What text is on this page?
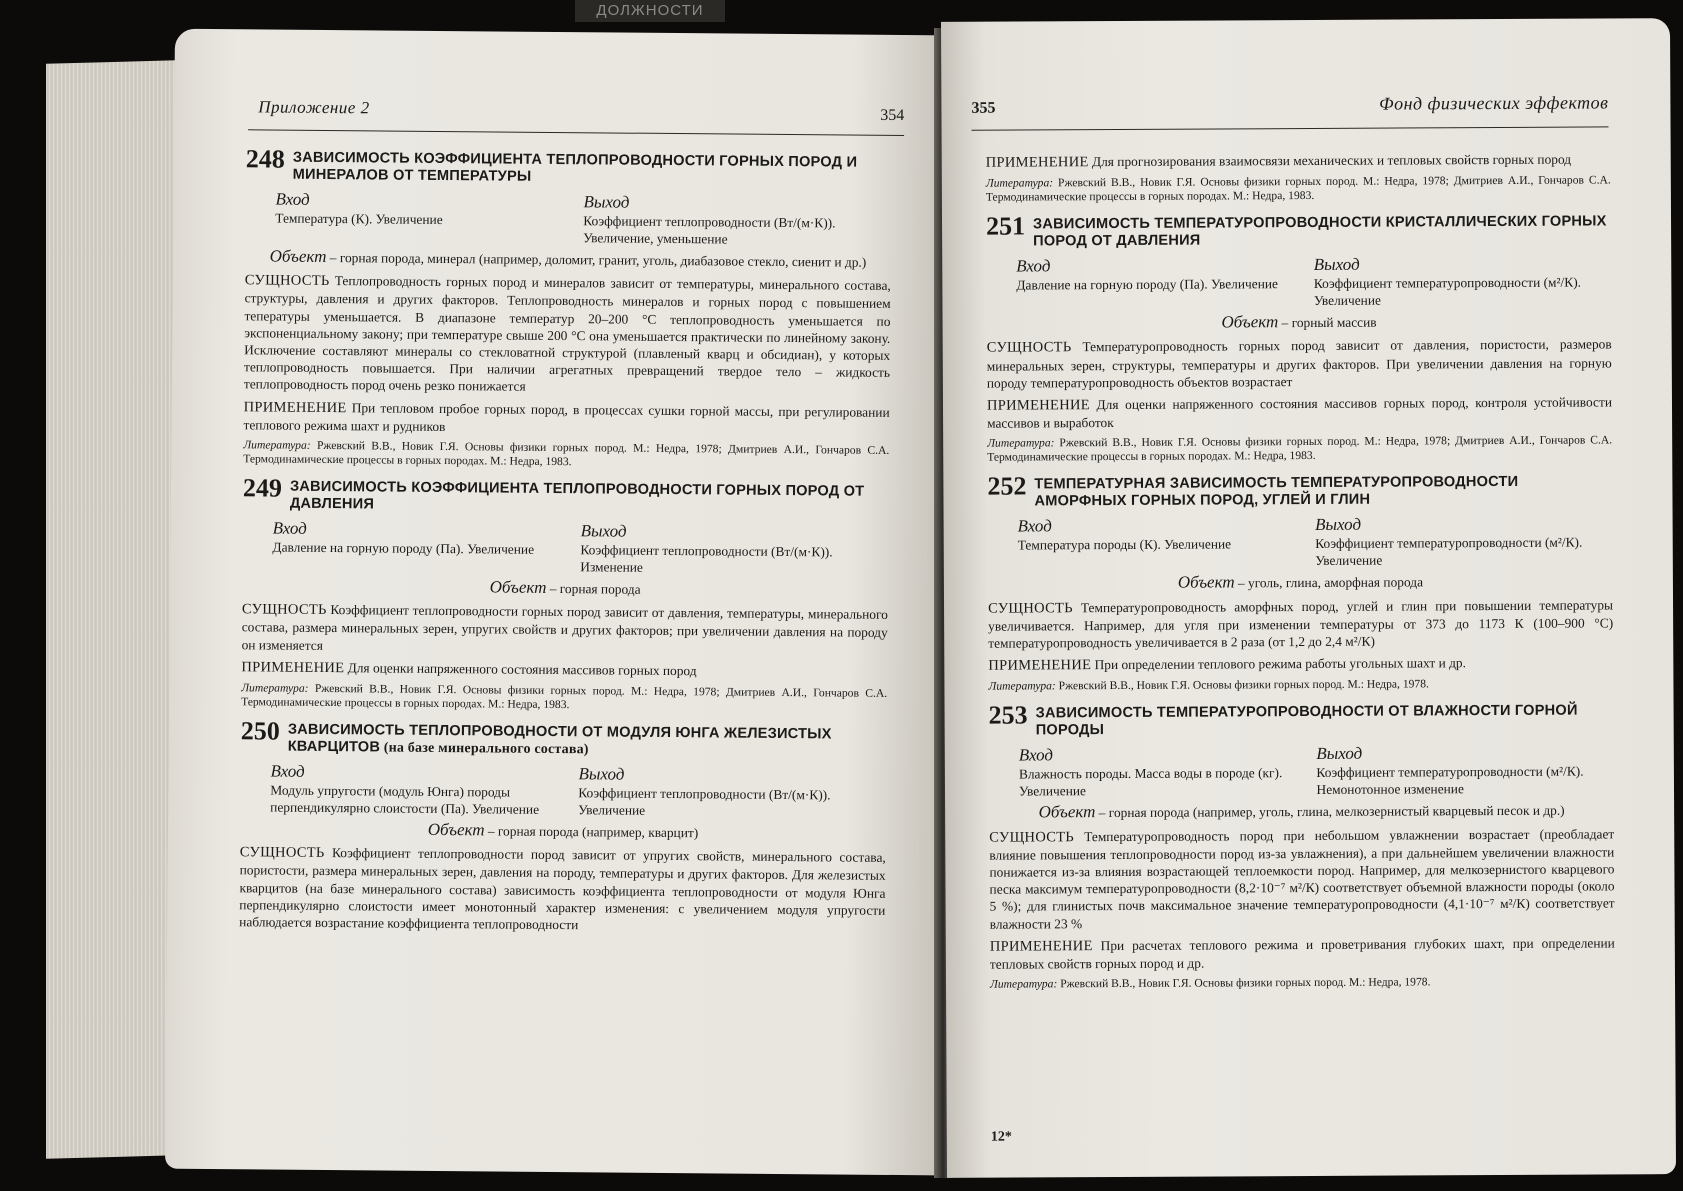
ДОЛЖНОСТИ
Приложение 2	354
248 ЗАВИСИМОСТЬ КОЭФФИЦИЕНТА ТЕПЛОПРОВОДНОСТИ ГОРНЫХ ПОРОД И МИНЕРАЛОВ ОТ ТЕМПЕРАТУРЫ
Вход
Температура (К). Увеличение
Выход
Коэффициент теплопроводности (Вт/(м·К)). Увеличение, уменьшение
Объект – горная порода, минерал (например, доломит, гранит, уголь, диабазовое стекло, сиенит и др.)
СУЩНОСТЬ Теплопроводность горных пород и минералов зависит от температуры, минерального состава, структуры, давления и других факторов. Теплопроводность минералов и горных пород с повышением тепературы уменьшается. В диапазоне температур 20–200 °С теплопроводность уменьшается по экспоненциальному закону; при температуре свыше 200 °С она уменьшается практически по линейному закону. Исключение составляют минералы со стекловатной структурой (плавленый кварц и обсидиан), у которых теплопроводность повышается. При наличии агрегатных превращений твердое тело – жидкость теплопроводность пород очень резко понижается
ПРИМЕНЕНИЕ При тепловом пробое горных пород, в процессах сушки горной массы, при регулировании теплового режима шахт и рудников
Литература: Ржевский В.В., Новик Г.Я. Основы физики горных пород. М.: Недра, 1978; Дмитриев А.И., Гончаров С.А. Термодинамические процессы в горных породах. М.: Недра, 1983.
249 ЗАВИСИМОСТЬ КОЭФФИЦИЕНТА ТЕПЛОПРОВОДНОСТИ ГОРНЫХ ПОРОД ОТ ДАВЛЕНИЯ
Вход
Давление на горную породу (Па). Увеличение
Выход
Коэффициент теплопроводности (Вт/(м·К)). Изменение
Объект – горная порода
СУЩНОСТЬ Коэффициент теплопроводности горных пород зависит от давления, температуры, минерального состава, размера минеральных зерен, упругих свойств и других факторов; при увеличении давления на породу он изменяется
ПРИМЕНЕНИЕ Для оценки напряженного состояния массивов горных пород
Литература: Ржевский В.В., Новик Г.Я. Основы физики горных пород. М.: Недра, 1978; Дмитриев А.И., Гончаров С.А. Термодинамические процессы в горных породах. М.: Недра, 1983.
250 ЗАВИСИМОСТЬ ТЕПЛОПРОВОДНОСТИ ОТ МОДУЛЯ ЮНГА ЖЕЛЕЗИСТЫХ КВАРЦИТОВ (на базе минерального состава)
Вход
Модуль упругости (модуль Юнга) породы перпендикулярно слоистости (Па). Увеличение
Выход
Коэффициент теплопроводности (Вт/(м·К)). Увеличение
Объект – горная порода (например, кварцит)
СУЩНОСТЬ Коэффициент теплопроводности пород зависит от упругих свойств, минерального состава, пористости, размера минеральных зерен, давления на породу, температуры и других факторов. Для железистых кварцитов (на базе минерального состава) зависимость коэффициента теплопроводности от модуля Юнга перпендикулярно слоистости имеет монотонный характер изменения: с увеличением модуля упругости наблюдается возрастание коэффициента теплопроводности
355	Фонд физических эффектов
ПРИМЕНЕНИЕ Для прогнозирования взаимосвязи механических и тепловых свойств горных пород
Литература: Ржевский В.В., Новик Г.Я. Основы физики горных пород. М.: Недра, 1978; Дмитриев А.И., Гончаров С.А. Термодинамические процессы в горных породах. М.: Недра, 1983.
251 ЗАВИСИМОСТЬ ТЕМПЕРАТУРОПРОВОДНОСТИ КРИСТАЛЛИЧЕСКИХ ГОРНЫХ ПОРОД ОТ ДАВЛЕНИЯ
Вход
Давление на горную породу (Па). Увеличение
Выход
Коэффициент температуропроводности (м²/К). Увеличение
Объект – горный массив
СУЩНОСТЬ Температуропроводность горных пород зависит от давления, пористости, размеров минеральных зерен, структуры, температуры и других факторов. При увеличении давления на горную породу температуропроводность объектов возрастает
ПРИМЕНЕНИЕ Для оценки напряженного состояния массивов горных пород, контроля устойчивости массивов и выработок
Литература: Ржевский В.В., Новик Г.Я. Основы физики горных пород. М.: Недра, 1978; Дмитриев А.И., Гончаров С.А. Термодинамические процессы в горных породах. М.: Недра, 1983.
252 ТЕМПЕРАТУРНАЯ ЗАВИСИМОСТЬ ТЕМПЕРАТУРОПРОВОДНОСТИ АМОРФНЫХ ГОРНЫХ ПОРОД, УГЛЕЙ И ГЛИН
Вход
Температура породы (К). Увеличение
Выход
Коэффициент температуропроводности (м²/К). Увеличение
Объект – уголь, глина, аморфная порода
СУЩНОСТЬ Температуропроводность аморфных пород, углей и глин при повышении температуры увеличивается. Например, для угля при изменении температуры от 373 до 1173 К (100–900 °С) температуропроводность увеличивается в 2 раза (от 1,2 до 2,4 м²/К)
ПРИМЕНЕНИЕ При определении теплового режима работы угольных шахт и др.
Литература: Ржевский В.В., Новик Г.Я. Основы физики горных пород. М.: Недра, 1978.
253 ЗАВИСИМОСТЬ ТЕМПЕРАТУРОПРОВОДНОСТИ ОТ ВЛАЖНОСТИ ГОРНОЙ ПОРОДЫ
Вход
Влажность породы. Масса воды в породе (кг). Увеличение
Выход
Коэффициент температуропроводности (м²/К). Немонотонное изменение
Объект – горная порода (например, уголь, глина, мелкозернистый кварцевый песок и др.)
СУЩНОСТЬ Температуропроводность пород при небольшом увлажнении возрастает (преобладает влияние повышения теплопроводности пород из-за увлажнения), а при дальнейшем увеличении влажности понижается из-за влияния возрастающей теплоемкости пород. Например, для мелкозернистого кварцевого песка максимум температуропроводности (8,2·10⁻⁷ м²/К) соответствует объемной влажности породы (около 5 %); для глинистых почв максимальное значение температуропроводности (4,1·10⁻⁷ м²/К) соответствует влажности 23 %
ПРИМЕНЕНИЕ При расчетах теплового режима и проветривания глубоких шахт, при определении тепловых свойств горных пород и др.
Литература: Ржевский В.В., Новик Г.Я. Основы физики горных пород. М.: Недра, 1978.
12*
